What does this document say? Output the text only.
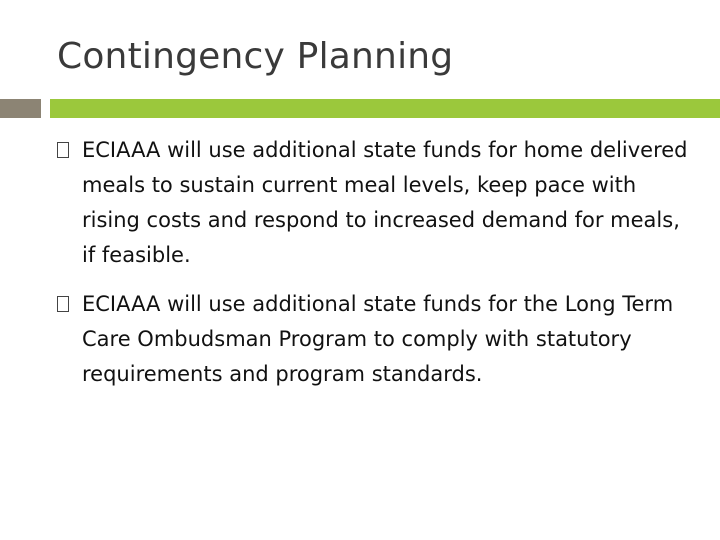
Contingency Planning
ECIAAA will use additional state funds for home delivered meals to sustain current meal levels, keep pace with rising costs and respond to increased demand for meals, if feasible.
ECIAAA will use additional state funds for the Long Term Care Ombudsman Program to comply with statutory requirements and program standards.
